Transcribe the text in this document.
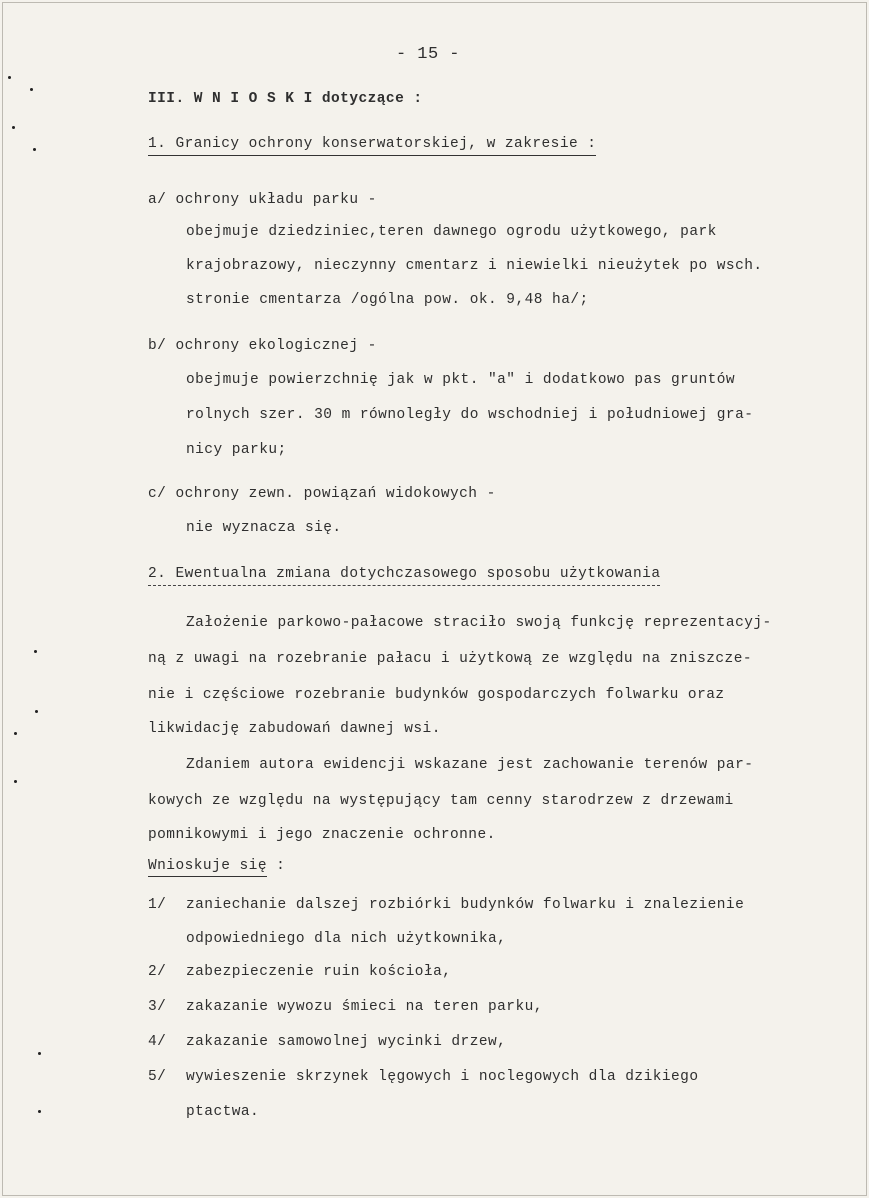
- 15 -
III. W N I O S K I dotyczące :
1. Granicy ochrony konserwatorskiej, w zakresie :
a/ ochrony układu parku -
obejmuje dziedziniec,teren dawnego ogrodu użytkowego, park
krajobrazowy, nieczynny cmentarz i niewielki nieużytek po wsch.
stronie cmentarza /ogólna pow. ok. 9,48 ha/;
b/ ochrony ekologicznej -
obejmuje powierzchnię jak w pkt. "a" i dodatkowo pas gruntów
rolnych szer. 30 m równoległy do wschodniej i południowej gra-
nicy parku;
c/ ochrony zewn. powiązań widokowych -
nie wyznacza się.
2. Ewentualna zmiana dotychczasowego sposobu użytkowania
Założenie parkowo-pałacowe straciło swoją funkcję reprezentacyj-
ną z uwagi na rozebranie pałacu i użytkową ze względu na zniszcze-
nie i częściowe rozebranie budynków gospodarczych folwarku oraz
likwidację zabudowań dawnej wsi.
Zdaniem autora ewidencji wskazane jest zachowanie terenów par-
kowych ze względu na występujący tam cenny starodrzew z drzewami
pomnikowymi i jego znaczenie ochronne.
Wnioskuje się :
1/ zaniechanie dalszej rozbiórki budynków folwarku i znalezienie
odpowiedniego dla nich użytkownika,
2/ zabezpieczenie ruin kościoła,
3/ zakazanie wywozu śmieci na teren parku,
4/ zakazanie samowolnej wycinki drzew,
5/ wywieszenie skrzynek lęgowych i noclegowych dla dzikiego
ptactwa.
